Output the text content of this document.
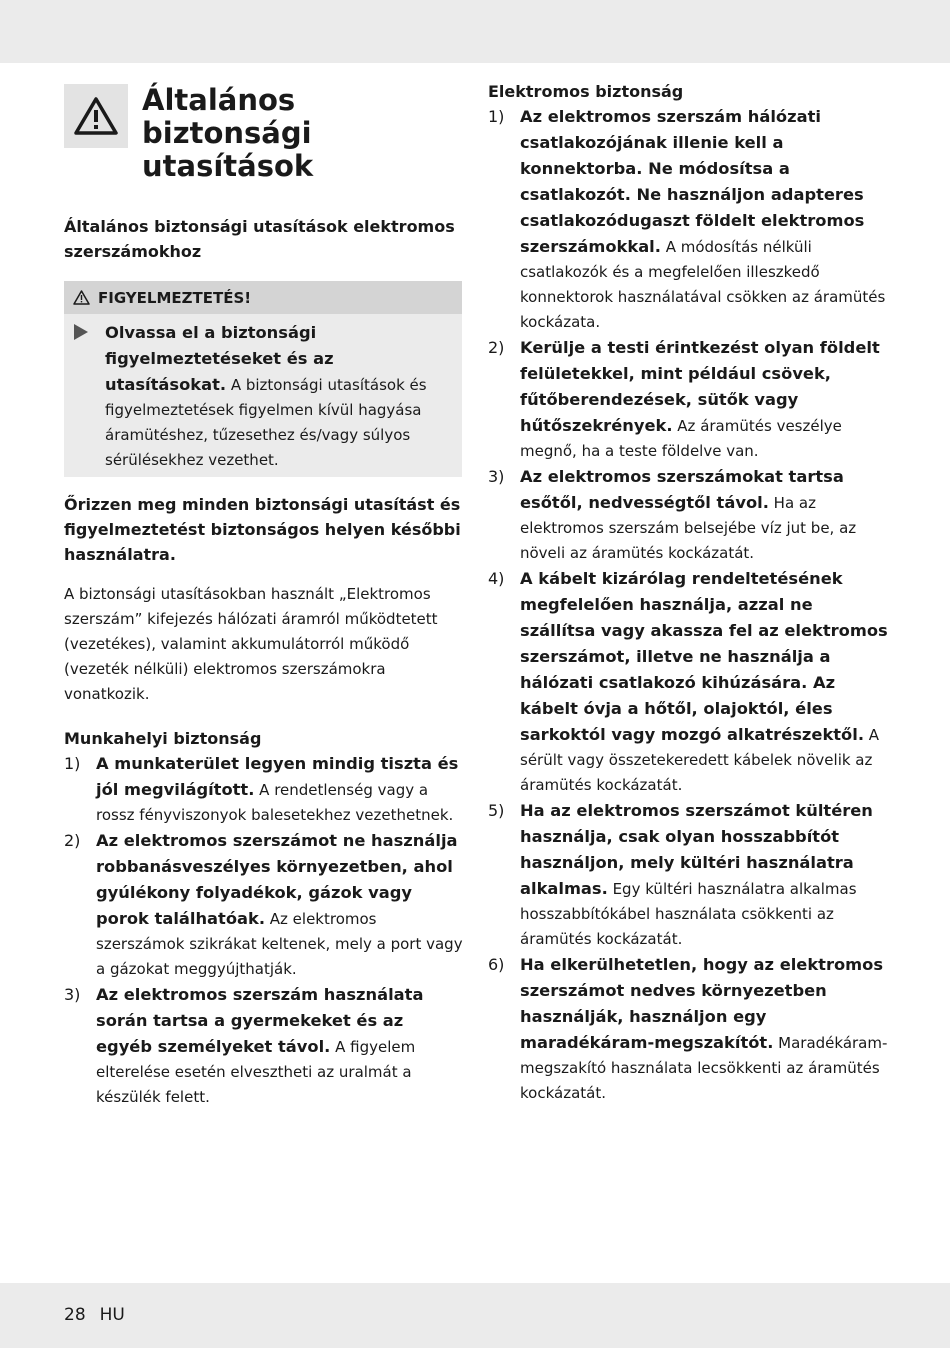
Általános biztonsági utasítások

Általános biztonsági utasítások elektromos szerszámokhoz

FIGYELMEZTETÉS!
Olvassa el a biztonsági figyelmeztetéseket és az utasításokat. A biztonsági utasítások és figyelmeztetések figyelmen kívül hagyása áramütéshez, tűzesethez és/vagy súlyos sérülésekhez vezethet.

Őrizzen meg minden biztonsági utasítást és figyelmeztetést biztonságos helyen későbbi használatra.

A biztonsági utasításokban használt „Elektromos szerszám” kifejezés hálózati áramról működtetett (vezetékes), valamint akkumulátorról működő (vezeték nélküli) elektromos szerszámokra vonatkozik.

Munkahelyi biztonság

1) A munkaterület legyen mindig tiszta és jól megvilágított. A rendetlenség vagy a rossz fényviszonyok balesetekhez vezethetnek.
2) Az elektromos szerszámot ne használja robbanásveszélyes környezetben, ahol gyúlékony folyadékok, gázok vagy porok találhatóak. Az elektromos szerszámok szikrákat keltenek, mely a port vagy a gázokat meggyújthatják.
3) Az elektromos szerszám használata során tartsa a gyermekeket és az egyéb személyeket távol. A figyelem elterelése esetén elvesztheti az uralmát a készülék felett.

Elektromos biztonság

1) Az elektromos szerszám hálózati csatlakozójának illenie kell a konnektorba. Ne módosítsa a csatlakozót. Ne használjon adapteres csatlakozódugaszt földelt elektromos szerszámokkal. A módosítás nélküli csatlakozók és a megfelelően illeszkedő konnektorok használatával csökken az áramütés kockázata.
2) Kerülje a testi érintkezést olyan földelt felületekkel, mint például csövek, fűtőberendezések, sütők vagy hűtőszekrények. Az áramütés veszélye megnő, ha a teste földelve van.
3) Az elektromos szerszámokat tartsa esőtől, nedvességtől távol. Ha az elektromos szerszám belsejébe víz jut be, az növeli az áramütés kockázatát.
4) A kábelt kizárólag rendeltetésének megfelelően használja, azzal ne szállítsa vagy akassza fel az elektromos szerszámot, illetve ne használja a hálózati csatlakozó kihúzására. Az kábelt óvja a hőtől, olajoktól, éles sarkoktól vagy mozgó alkatrészektől. A sérült vagy összetekeredett kábelek növelik az áramütés kockázatát.
5) Ha az elektromos szerszámot kültéren használja, csak olyan hosszabbítót használjon, mely kültéri használatra alkalmas. Egy kültéri használatra alkalmas hosszabbítókábel használata csökkenti az áramütés kockázatát.
6) Ha elkerülhetetlen, hogy az elektromos szerszámot nedves környezetben használják, használjon egy maradékáram-megszakítót. Maradékáram-megszakító használata lecsökkenti az áramütés kockázatát.
28 HU
